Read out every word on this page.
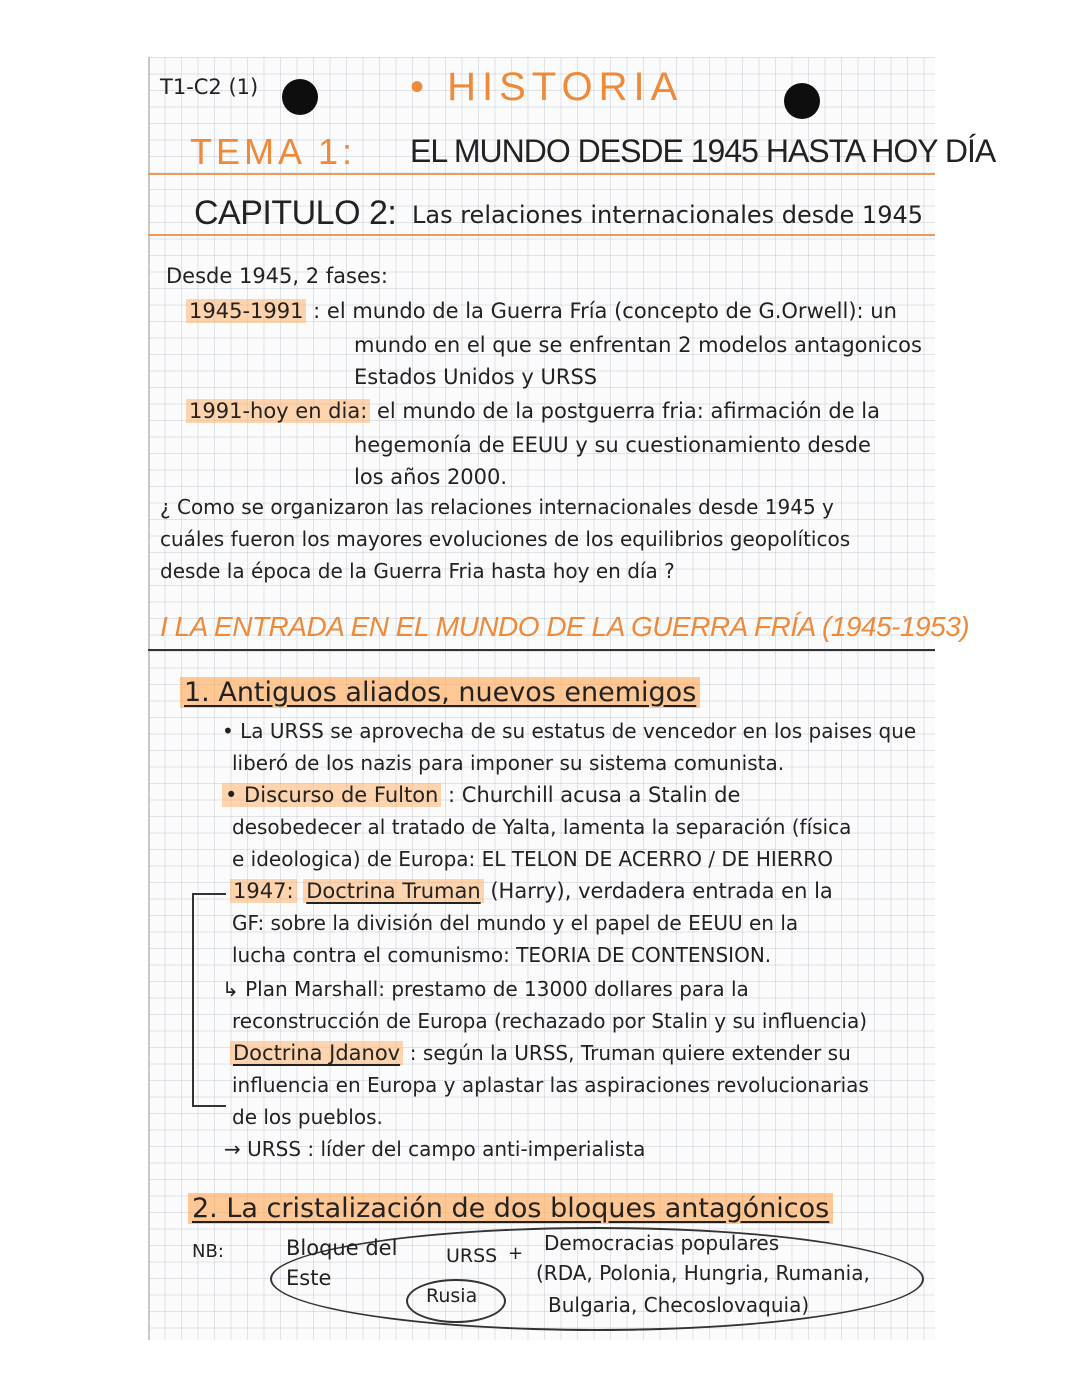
T1-C2 (1)	• HISTORIA
TEMA 1: EL MUNDO DESDE 1945 HASTA HOY DÍA
CAPITULO 2: Las relaciones internacionales desde 1945
Desde 1945, 2 fases:
1945-1991 : el mundo de la Guerra Fría (concepto de G.Orwell): un
mundo en el que se enfrentan 2 modelos antagonicos
Estados Unidos y URSS
1991-hoy en dia: el mundo de la postguerra fria: afirmación de la
hegemonía de EEUU y su cuestionamiento desde
los años 2000.
¿ Como se organizaron las relaciones internacionales desde 1945 y
cuáles fueron los mayores evoluciones de los equilibrios geopolíticos
desde la época de la Guerra Fria hasta hoy en día ?
I LA ENTRADA EN EL MUNDO DE LA GUERRA FRÍA (1945-1953)
1. Antiguos aliados, nuevos enemigos
• La URSS se aprovecha de su estatus de vencedor en los paises que
liberó de los nazis para imponer su sistema comunista.
• Discurso de Fulton : Churchill acusa a Stalin de
desobedecer al tratado de Yalta, lamenta la separación (física
e ideologica) de Europa: EL TELON DE ACERRO / DE HIERRO
1947: Doctrina Truman (Harry), verdadera entrada en la
GF: sobre la división del mundo y el papel de EEUU en la
lucha contra el comunismo: TEORIA DE CONTENSION.
↳ Plan Marshall: prestamo de 13000 dollares para la
reconstrucción de Europa (rechazado por Stalin y su influencia)
Doctrina Jdanov : según la URSS, Truman quiere extender su
influencia en Europa y aplastar las aspiraciones revolucionarias
de los pueblos.
→ URSS : líder del campo anti-imperialista
2. La cristalización de dos bloques antagónicos
NB:	Bloque del Este
URSS +
Rusia
Democracias populares
(RDA, Polonia, Hungria, Rumania,
Bulgaria, Checoslovaquia)
